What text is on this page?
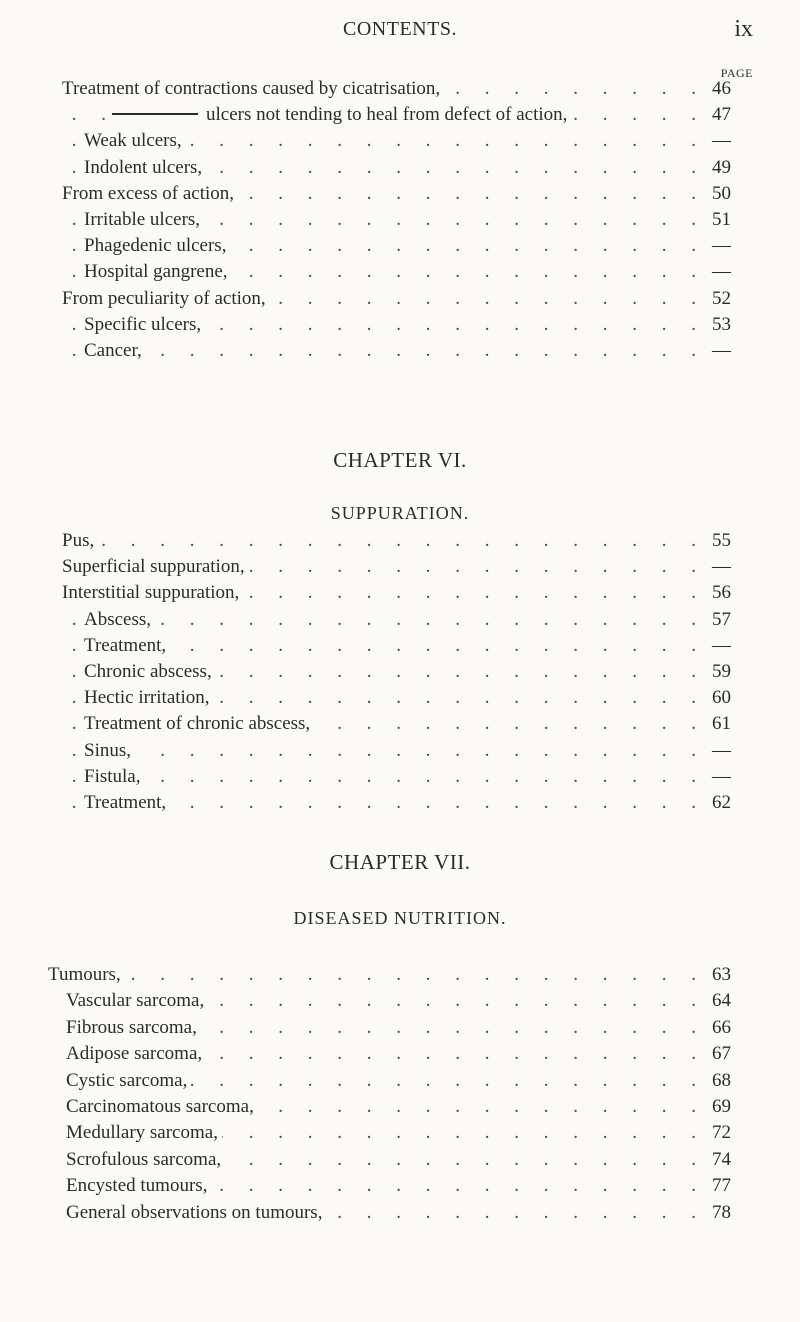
CONTENTS.	ix
PAGE
. . .
Treatment of contractions caused by cicatrisation,	46
. . .
ulcers not tending to heal from defect of action,	47
. . .
Weak ulcers,	—
. . .
Indolent ulcers,	49
. . .
From excess of action,	50
. . .
Irritable ulcers,	51
. . .
Phagedenic ulcers,	—
. . .
Hospital gangrene,	—
. . .
From peculiarity of action,	52
. . .
Specific ulcers,	53
. . .
Cancer,	—
CHAPTER VI.
SUPPURATION.
. . .
Pus,	55
. . .
Superficial suppuration,	—
. . .
Interstitial suppuration,	56
. . .
Abscess,	57
. . .
Treatment,	—
. . .
Chronic abscess,	59
. . .
Hectic irritation,	60
. . .
Treatment of chronic abscess,	61
. . .
Sinus,	—
. . .
Fistula,	—
. . .
Treatment,	62
CHAPTER VII.
DISEASED NUTRITION.
. . .
Tumours,	63
. . .
Vascular sarcoma,	64
. . .
Fibrous sarcoma,	66
. . .
Adipose sarcoma,	67
. . .
Cystic sarcoma,	68
. . .
Carcinomatous sarcoma,	69
. . .
Medullary sarcoma,	72
. . .
Scrofulous sarcoma,	74
. . .
Encysted tumours,	77
. . .
General observations on tumours,	78
